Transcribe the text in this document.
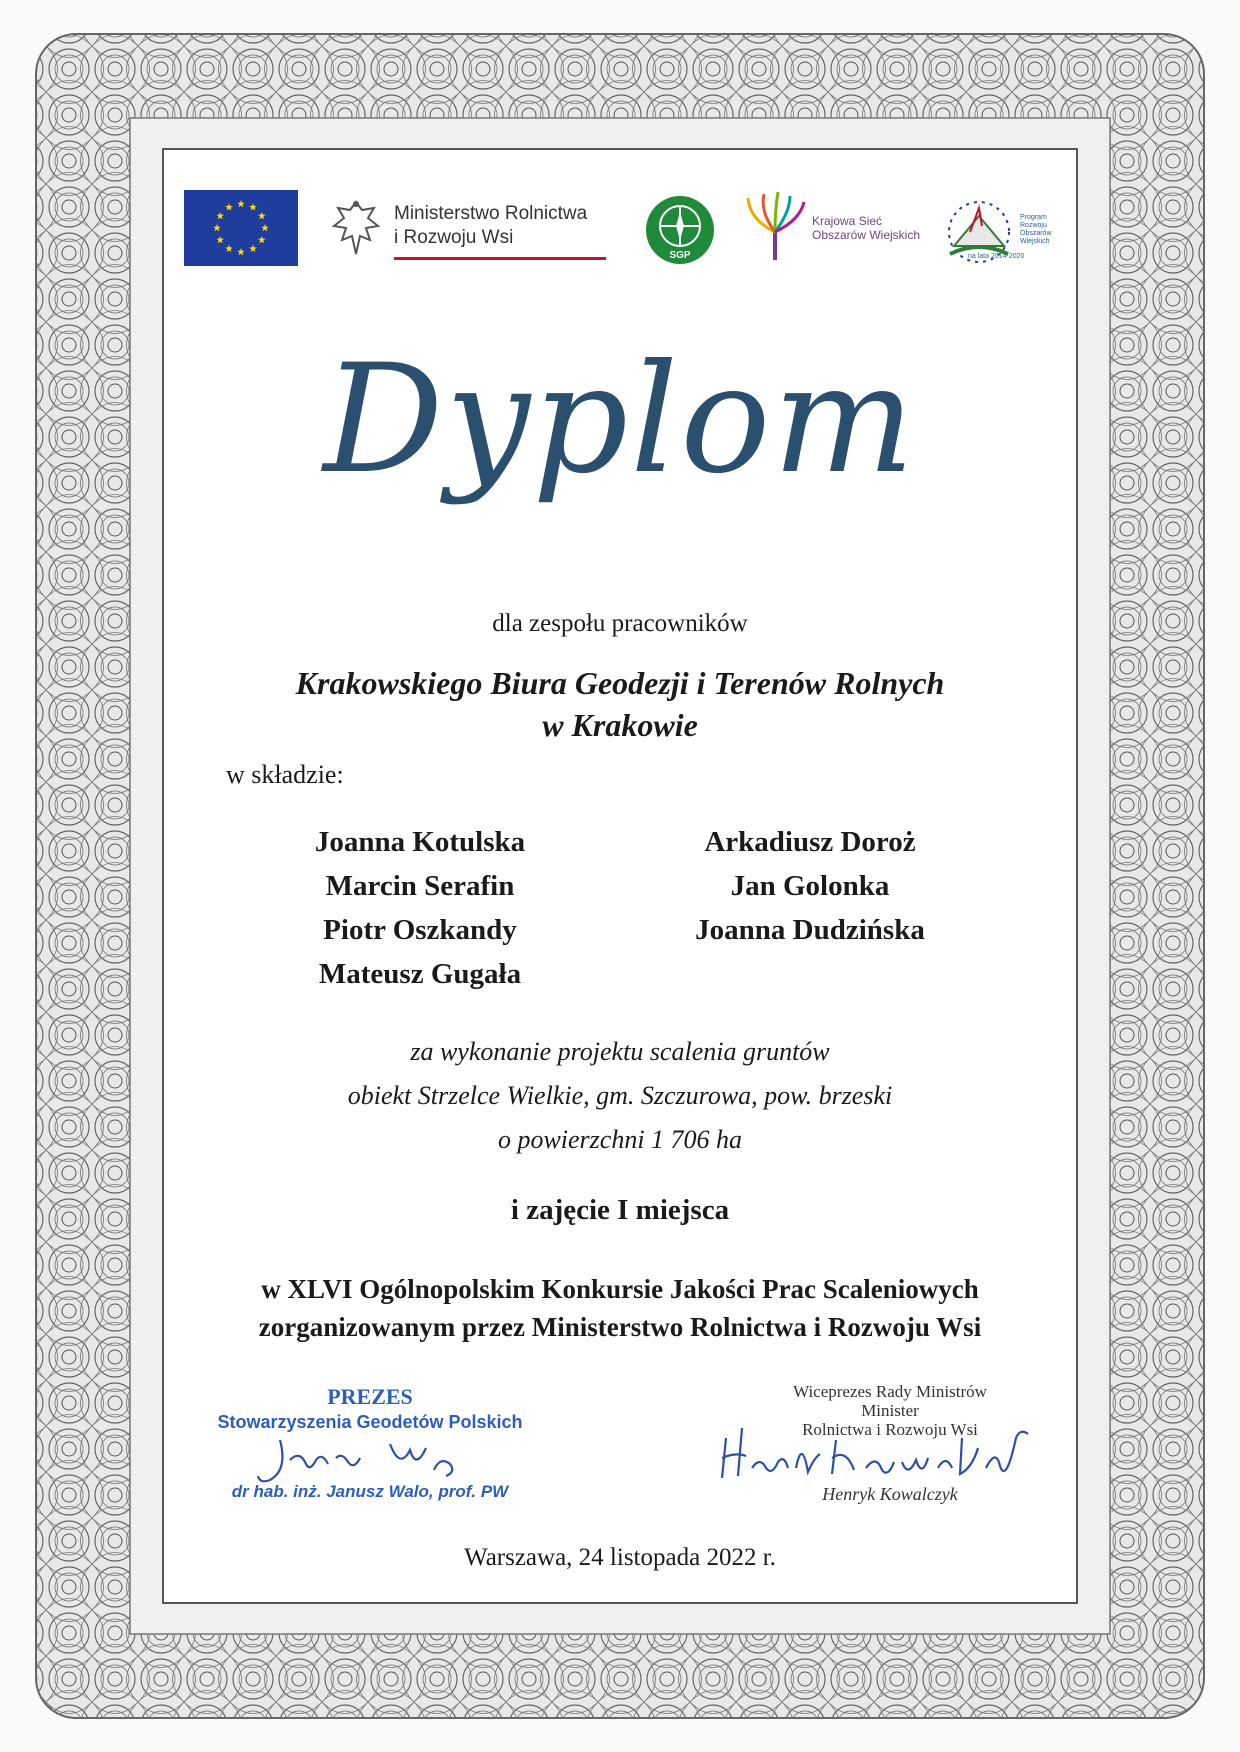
Ministerstwo Rolnictwa
i Rozwoju Wsi
SGP
Krajowa Sieć
Obszarów Wiejskich
Program
Rozwoju
Obszarów
Wiejskich
na lata 2014-2020
Dyplom
dla zespołu pracowników
Krakowskiego Biura Geodezji i Terenów Rolnych
w Krakowie
w składzie:
Joanna Kotulska
Marcin Serafin
Piotr Oszkandy
Mateusz Gugała
Arkadiusz Doroż
Jan Golonka
Joanna Dudzińska
za wykonanie projektu scalenia gruntów
obiekt Strzelce Wielkie, gm. Szczurowa, pow. brzeski
o powierzchni 1 706 ha
i zajęcie I miejsca
w XLVI Ogólnopolskim Konkursie Jakości Prac Scaleniowych
zorganizowanym przez Ministerstwo Rolnictwa i Rozwoju Wsi
PREZES
Stowarzyszenia Geodetów Polskich
dr hab. inż. Janusz Walo, prof. PW
Wiceprezes Rady Ministrów
Minister
Rolnictwa i Rozwoju Wsi
Henryk Kowalczyk
Warszawa, 24 listopada 2022 r.
